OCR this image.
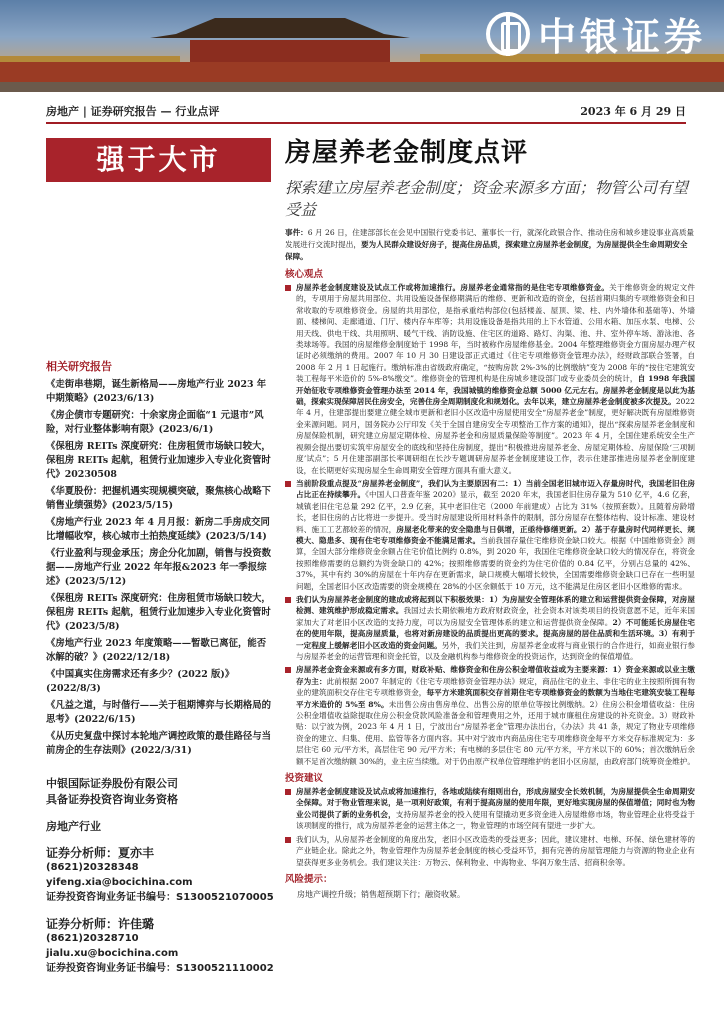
中银证券
房地产 | 证券研究报告 — 行业点评	2023 年 6 月 29 日
强于大市
相关研究报告
《 走街串巷期，诞生新格局——房地产行业 2023 年中期策略》(2023/6/13)
《 房企债市专题研究：十余家房企面临“1 元退市”风险，对行业整体影响有限》(2023/6/1)
《 保租房 REITs 深度研究：住房租赁市场缺口较大，保租房 REITs 起航，租赁行业加速步入专业化资管时代》20230508
《 华夏股份：把握机遇实现规模突破，聚焦核心战略下销售业绩强势》(2023/5/15)
《 房地产行业 2023 年 4 月月报：新房二手房成交同比增幅收窄，核心城市土拍热度延续》(2023/5/14)
《 行业盈利与现金承压；房企分化加剧，销售与投资数据——房地产行业 2022 年年报&2023 年一季报综述》(2023/5/12)
《 保租房 REITs 深度研究：住房租赁市场缺口较大，保租房 REITs 起航，租赁行业加速步入专业化资管时代》(2023/5/8)
《 房地产行业 2023 年度策略——暂歇已离征，能否冰解的破？》(2022/12/18)
《 中国真实住房需求还有多少？(2022 版)》(2022/8/3)
《 凡益之道，与时偕行——关于租期博弈与长期格局的思考》(2022/6/15)
《 从历史复盘中探讨本轮地产调控政策的最佳路径与当前房企的生存法则》(2022/3/31)
中银国际证券股份有限公司
具备证券投资咨询业务资格
房地产行业
证券分析师：夏亦丰
(8621)20328348
yifeng.xia@bocichina.com
证券投资咨询业务证书编号：S1300521070005
证券分析师：许佳璐
(8621)20328710
jialu.xu@bocichina.com
证券投资咨询业务证书编号：S1300521110002
房屋养老金制度点评
探索建立房屋养老金制度；资金来源多方面；物管公司有望受益
事件：6 月 26 日，住建部部长在会见中国银行党委书记、董事长一行，就深化政银合作、推动住房和城乡建设事业高质量发展进行交流时提出，要为人民群众建设好房子，提高住房品质，探索建立房屋养老金制度，为房屋提供全生命周期安全保障。
核心观点
房屋养老金制度建设及试点工作或将加速推行。房屋养老金通常指的是住宅专项维修资金。关于维修资金的规定文件的，专项用于房屋共用部位、共用设施设备保修期满后的维修、更新和改造的资金，包括首期归集的专项维修资金和日常收取的专项维修资金。房屋的共用部位，是指承重结构部位(包括楼盖、屋顶、梁、柱、内外墙体和基础等)、外墙面、楼梯间、走廊通道、门厅、楼内存车库等；共用设施设备是指共用的上下水管道、公用水箱、加压水泵、电梯、公用天线、供电干线、共用照明、暖气干线、消防设施、住宅区的道路、路灯、沟渠、池、井、室外停车场、游泳池、各类球场等。我国的房屋维修金制度始于 1998 年，当时被称作房屋维修基金。2004 年整理维修资金方面房屋办理产权证时必须缴纳的费用。2007 年 10 月 30 日建设部正式通过《住宅专项维修资金管理办法》，经财政部联合签署，自 2008 年 2 月 1 日起施行。缴纳标准由省级政府确定，“按购房款 2%-3%的比例缴纳”变为 2008 年的“按住宅建筑安装工程每平米造价的 5%-8%缴交”。维修资金的管理机构是住房城乡建设部门或专业委员会的统计，自 1998 年我国开始征收专项维修资金管理办法至 2014 年，我国城镇的维修资金总额 5000 亿元左右。房屋养老金制度是以此为基础，探索实现保障居民住房安全，完善住房全周期制度化和规划化。去年以来，建立房屋养老金制度被多次提及。2022 年 4 月，住建部提出要建立健全城市更新和老旧小区改造中房屋使用安全“房屋养老金”制度，更好解决既有房屋维修资金来源问题。同月，国务院办公厅印发《关于全国自建房安全专项整治工作方案的通知》，提出“探索房屋养老金制度和房屋保险机制，研究建立房屋定期体检、房屋养老金和房屋质量保险等制度”。2023 年 4 月，全国住建系统安全生产视频会提出要切实筑牢房屋安全的底线和坚持住房制度，提出“积极推进房屋养老金、房屋定期体检、房屋保险‘三项制度’试点”；5 月住建部副部长率调研组在长沙专题调研房屋养老金制度建设工作，表示住建部推进房屋养老金制度建设，在长期更好实现房屋全生命周期安全管理方面具有重大意义。
当前阶段重点提及“房屋养老金制度”，我们认为主要原因有二：1）当前全国老旧城市迈入存量房时代，我国老旧住房占比正在持续攀升。《中国人口普查年鉴 2020》显示，截至 2020 年末，我国老旧住房存量为 510 亿平，4.6 亿套，城镇老旧住宅总量 292 亿平，2.9 亿套，其中老旧住宅（2000 年前建成）占比为 31%（按照套数）。且随着房龄增长，老旧住房的占比将进一步提升。受当时房屋建设所用材料条件的限制，部分房屋存在整体结构、设计标准、建设材料、施工工艺都较差的情况，房屋老化带来的安全隐患与日俱增，正亟待修缮更新。2）基于存量房时代同样更长、规模大、隐患多、现有住宅专项维修资金不能满足需求。当前我国存量住宅维修资金缺口较大。根据《中国维修资金》测算，全国大部分维修资金余额占住宅价值比例约 0.8%，到 2020 年，我国住宅维修资金缺口较大的情况存在，将资金按照维修需要的总额约为资金缺口的 42%；按照维修需要的资金约为住宅价值的 0.84 亿平，分别占总量的 42%、37%，其中有约 30%的房屋在十年内存在更新需求，缺口规模大幅增长较快，全国需要维修资金缺口已存在一些明显问题，全国老旧小区改造需要的资金规模在 28%的小区余额低于 10 万元，这不能满足住房区老旧小区维修的需求。
我们认为房屋养老金制度的建成或将起到以下积极效果：1）为房屋安全管理体系的建立和运营提供资金保障，对房屋检测、建筑维护形成稳定需求。我国过去长期依赖地方政府财政资金，社会资本对该类项目的投资意愿不足，近年来国家加大了对老旧小区改造的支持力度，可以为房屋安全管理体系的建立和运营提供资金保障。2）不可能延长房屋住宅在的使用年限，提高房屋质量，也将对新房建设的品质提出更高的要求。提高房屋的居住品质和生活环境。3）有利于一定程度上缓解老旧小区改造的资金问题。另外，我们关注到，房屋养老金或将与商业银行的合作进行，如商业银行参与房屋养老金的运营管理和资金托管，以及金融机构参与维修资金的投资运作，达到资金的保值增值。
房屋养老金资金来源或有多方面，财政补贴、维修资金和住房公积金增值收益或为主要来源：1）资金来源或以业主缴存为主：此前根据 2007 年制定的《住宅专项维修资金管理办法》规定，商品住宅的业主、非住宅的业主按照所拥有物业的建筑面积交存住宅专项维修资金，每平方米建筑面积交存首期住宅专项维修资金的数额为当地住宅建筑安装工程每平方米造价的 5%至 8%。未出售公房由售房单位、出售公房的原单位等按比例缴纳。2）住房公积金增值收益：住房公积金增值收益除提取住房公积金贷款风险准备金和管理费用之外，还用于城市廉租住房建设的补充资金。3）财政补贴：以宁波为例，2023 年 4 月 1 日，宁波出台“房屋养老金”管理办法出台，《办法》共 41 条，规定了物业专项维修资金的建立、归集、使用、监管等各方面内容。其中对宁波市内商品房住宅专项维修资金每平方米交存标准规定为：多层住宅 60 元/平方米，高层住宅 90 元/平方米；有电梯的多层住宅 80 元/平方米，平方米以下的 60%；首次缴纳后余额不足首次缴纳额 30%的，业主应当续缴。对于仍由原产权单位管理维护的老旧小区房屋，由政府部门统筹资金维护。
投资建议
房屋养老金制度建设及试点或将加速推行，各地或陆续有细则出台，形成房屋安全长效机制，为房屋提供全生命周期安全保障。对于物业管理来说，是一项利好政策，有利于提高房屋的使用年限，更好地实现房屋的保值增值；同时也为物业公司提供了新的业务机会，支持房屋养老金的投入使用有望撬动更多资金进入房屋维修市场，物业管理企业将受益于该项制度的推行，成为房屋养老金的运营主体之一，物业管理的市场空间有望进一步扩大。
我们认为，从房屋养老金制度的角度出发，老旧小区改造类的受益更多；因此，建议建材、电梯、环保、绿色建材等的产业链企业。除此之外，物业管理作为房屋养老金制度的核心受益环节，拥有完善的房屋管理能力与资源的物业企业有望获得更多业务机会。我们建议关注：万物云、保利物业、中海物业、华润万象生活、招商积余等。
风险提示：
房地产调控升级；销售超预期下行；融资收紧。
